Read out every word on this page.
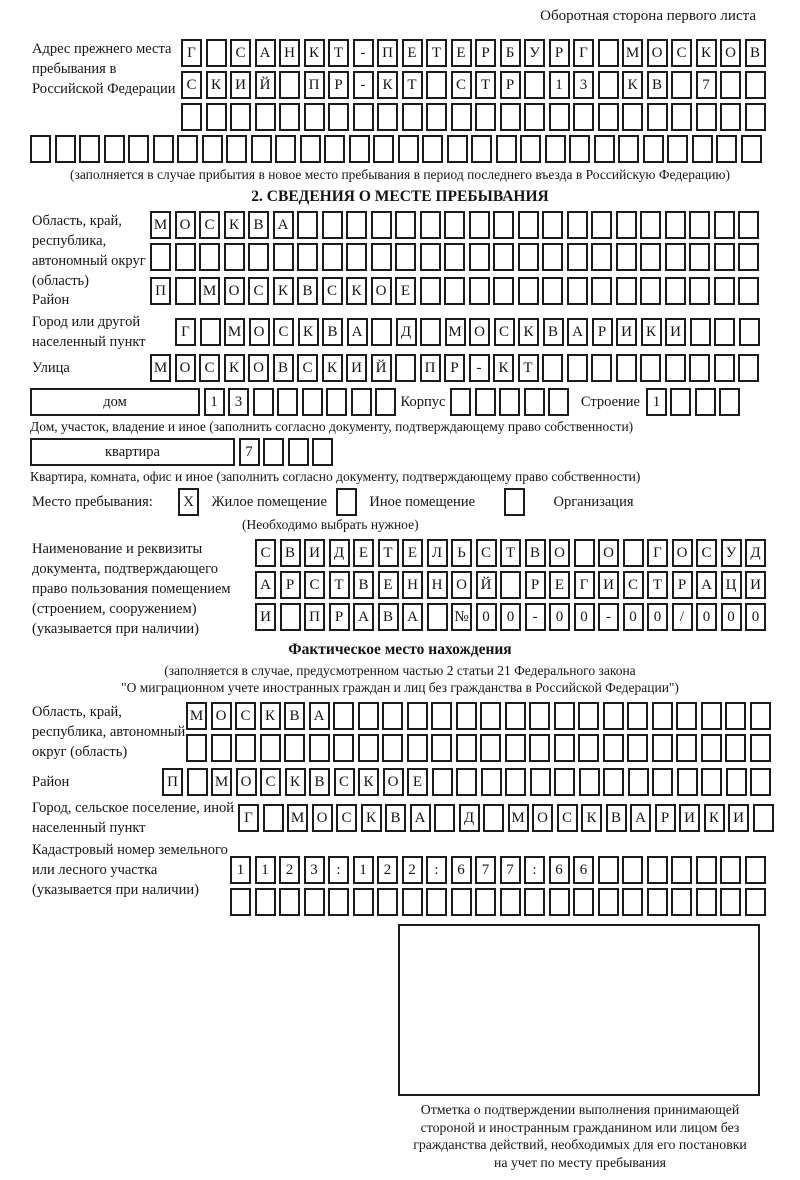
Оборотная сторона первого листа
Адрес прежнего места пребывания в Российской Федерации
Г	С А Н К Т	-	П Е	Т	Е	Р	Б У	Р	Г	М О С К О В
С К И Й	П Р	-	К Т	С Т	Р	1	3	К В	7
(заполняется в случае прибытия в новое место пребывания в период последнего въезда в Российскую Федерацию)
2. СВЕДЕНИЯ О МЕСТЕ ПРЕБЫВАНИЯ
Область, край, республика, автономный округ (область)
М О С К В А
Район
П	М О С К В С К О Е
Город или другой населенный пункт
Г	М О С К В А	Д	М О С К В А Р И К И
Улица	М О С К О В С К И Й	П Р	-	К Т
дом	1	3	Корпус	Строение 1
Дом, участок, владение и иное (заполнить согласно документу, подтверждающему право собственности)
квартира	7
Квартира, комната, офис и иное (заполнить согласно документу, подтверждающему право собственности)
Место пребывания:	X	Жилое помещение	Иное помещение	Организация
(Необходимо выбрать нужное)
Наименование и реквизиты документа, подтверждающего право пользования помещением (строением, сооружением) (указывается при наличии)
С В И Д Е	Т	Е Л	Ь	С Т В О	О	Г О С У Д
А Р	С Т В Е Н Н О Й	Р	Е	Г И С Т	Р А Ц И
И	П Р А В А	№ 0	0	-	0	0	-	0	0	/	0	0	0
Фактическое место нахождения
(заполняется в случае, предусмотренном частью 2 статьи 21 Федерального закона
"О миграционном учете иностранных граждан и лиц без гражданства в Российской Федерации")
Область, край, республика, автономный округ (область)
М О С К В А
Район	П	М О С К В С К О Е
Город, сельское поселение, иной населенный пункт
Г	М О С К В А	Д	М О С К В А Р И К И
Кадастровый номер земельного или лесного участка (указывается при наличии)
1	1	2	3	:	1	2	2	:	6	7	7	:	6	6
Отметка о подтверждении выполнения принимающей
стороной и иностранным гражданином или лицом без
гражданства действий, необходимых для его постановки
на учет по месту пребывания
